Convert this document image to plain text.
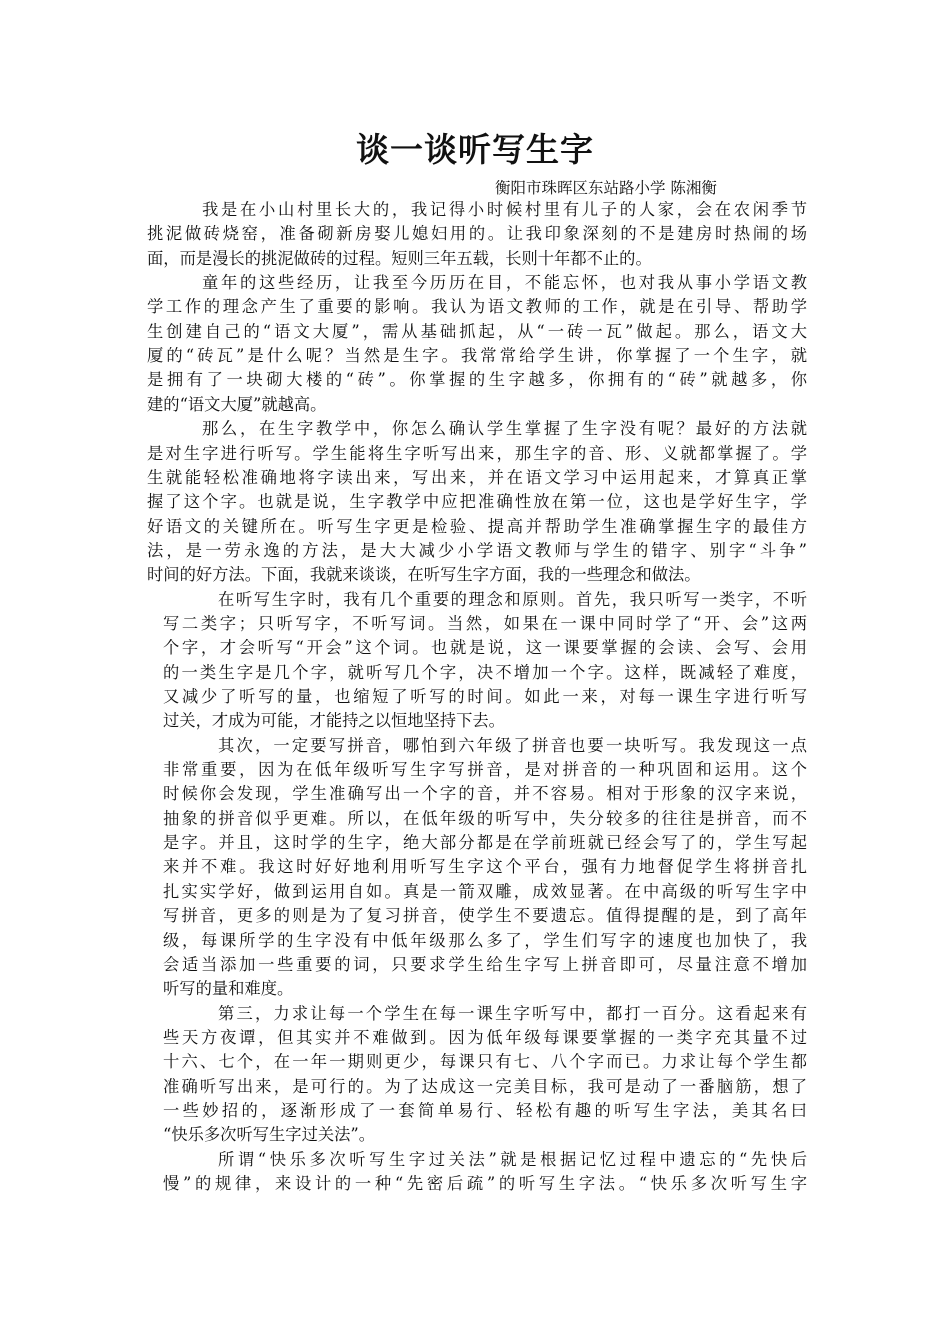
谈一谈听写生字
衡阳市珠晖区东站路小学 陈湘衡
我是在小山村里长大的，我记得小时候村里有儿子的人家，会在农闲季节
挑泥做砖烧窑，准备砌新房娶儿媳妇用的。让我印象深刻的不是建房时热闹的场
面，而是漫长的挑泥做砖的过程。短则三年五载，长则十年都不止的。
童年的这些经历，让我至今历历在目，不能忘怀，也对我从事小学语文教
学工作的理念产生了重要的影响。我认为语文教师的工作，就是在引导、帮助学
生创建自己的“语文大厦”，需从基础抓起，从“一砖一瓦”做起。那么，语文大
厦的“砖瓦”是什么呢？当然是生字。我常常给学生讲，你掌握了一个生字，就
是拥有了一块砌大楼的“砖”。你掌握的生字越多，你拥有的“砖”就越多，你
建的“语文大厦”就越高。
那么，在生字教学中，你怎么确认学生掌握了生字没有呢？最好的方法就
是对生字进行听写。学生能将生字听写出来，那生字的音、形、义就都掌握了。学
生就能轻松准确地将字读出来，写出来，并在语文学习中运用起来，才算真正掌
握了这个字。也就是说，生字教学中应把准确性放在第一位，这也是学好生字，学
好语文的关键所在。听写生字更是检验、提高并帮助学生准确掌握生字的最佳方
法，是一劳永逸的方法，是大大减少小学语文教师与学生的错字、别字“斗争”
时间的好方法。下面，我就来谈谈，在听写生字方面，我的一些理念和做法。
在听写生字时，我有几个重要的理念和原则。首先，我只听写一类字，不听
写二类字；只听写字，不听写词。当然，如果在一课中同时学了“开、会”这两
个字，才会听写“开会”这个词。也就是说，这一课要掌握的会读、会写、会用
的一类生字是几个字，就听写几个字，决不增加一个字。这样，既减轻了难度，
又减少了听写的量，也缩短了听写的时间。如此一来，对每一课生字进行听写
过关，才成为可能，才能持之以恒地坚持下去。
其次，一定要写拼音，哪怕到六年级了拼音也要一块听写。我发现这一点
非常重要，因为在低年级听写生字写拼音，是对拼音的一种巩固和运用。这个
时候你会发现，学生准确写出一个字的音，并不容易。相对于形象的汉字来说，
抽象的拼音似乎更难。所以，在低年级的听写中，失分较多的往往是拼音，而不
是字。并且，这时学的生字，绝大部分都是在学前班就已经会写了的，学生写起
来并不难。我这时好好地利用听写生字这个平台，强有力地督促学生将拼音扎
扎实实学好，做到运用自如。真是一箭双雕，成效显著。在中高级的听写生字中
写拼音，更多的则是为了复习拼音，使学生不要遗忘。值得提醒的是，到了高年
级，每课所学的生字没有中低年级那么多了，学生们写字的速度也加快了，我
会适当添加一些重要的词，只要求学生给生字写上拼音即可，尽量注意不增加
听写的量和难度。
第三，力求让每一个学生在每一课生字听写中，都打一百分。这看起来有
些天方夜谭，但其实并不难做到。因为低年级每课要掌握的一类字充其量不过
十六、七个，在一年一期则更少，每课只有七、八个字而已。力求让每个学生都
准确听写出来，是可行的。为了达成这一完美目标，我可是动了一番脑筋，想了
一些妙招的，逐渐形成了一套简单易行、轻松有趣的听写生字法，美其名曰
“快乐多次听写生字过关法”。
所谓“快乐多次听写生字过关法”就是根据记忆过程中遗忘的“先快后
慢”的规律，来设计的一种“先密后疏”的听写生字法。“快乐多次听写生字
